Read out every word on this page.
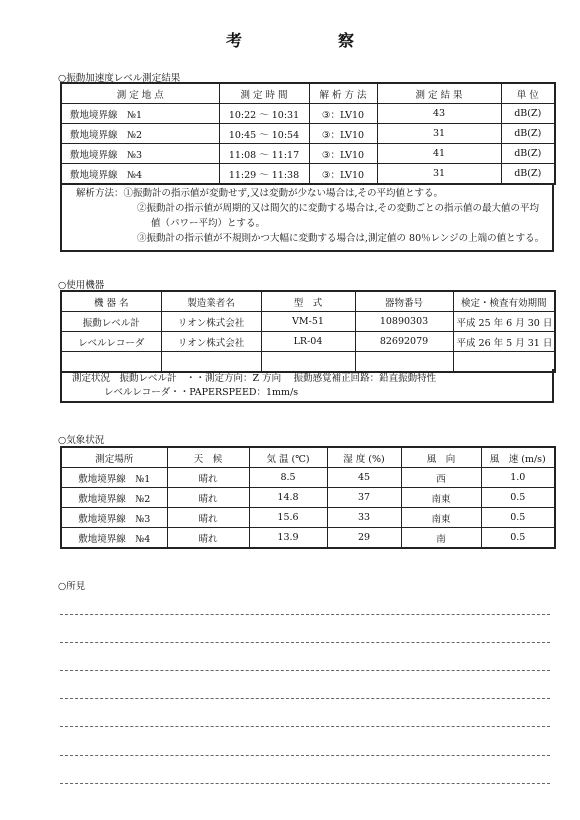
考　察
○振動加速度レベル測定結果
測 定 地 点	測 定 時 間	解 析 方 法	測 定 結 果	単 位
敷地境界線　№1	10:22 ～ 10:31	③：LV10	43	dB(Z)
敷地境界線　№2	10:45 ～ 10:54	③：LV10	31	dB(Z)
敷地境界線　№3	11:08 ～ 11:17	③：LV10	41	dB(Z)
敷地境界線　№4	11:29 ～ 11:38	③：LV10	31	dB(Z)
解析方法：①振動計の指示値が変動せず,又は変動が少ない場合は,その平均値とする。
②振動計の指示値が周期的又は間欠的に変動する場合は,その変動ごとの指示値の最大値の平均
値（パワー平均）とする。
③振動計の指示値が不規則かつ大幅に変動する場合は,測定値の 80％レンジの上端の値とする。
○使用機器
機 器 名	製造業者名	型　式	器物番号	検定・検査有効期間
振動レベル計	リオン株式会社	VM-51	10890303	平成 25 年 6 月 30 日
レベルレコーダ	リオン株式会社	LR-04	82692079	平成 26 年 5 月 31 日

測定状況　振動レベル計　・・測定方向：Z 方向　 振動感覚補正回路：鉛直振動特性
レベルレコーダ・・PAPERSPEED：1mm/s
○気象状況
測定場所	天　候	気 温 (℃)	湿 度 (%)	風　向	風　速 (m/s)
敷地境界線　№1	晴れ	8.5	45	西	1.0
敷地境界線　№2	晴れ	14.8	37	南東	0.5
敷地境界線　№3	晴れ	15.6	33	南東	0.5
敷地境界線　№4	晴れ	13.9	29	南	0.5
○所見
